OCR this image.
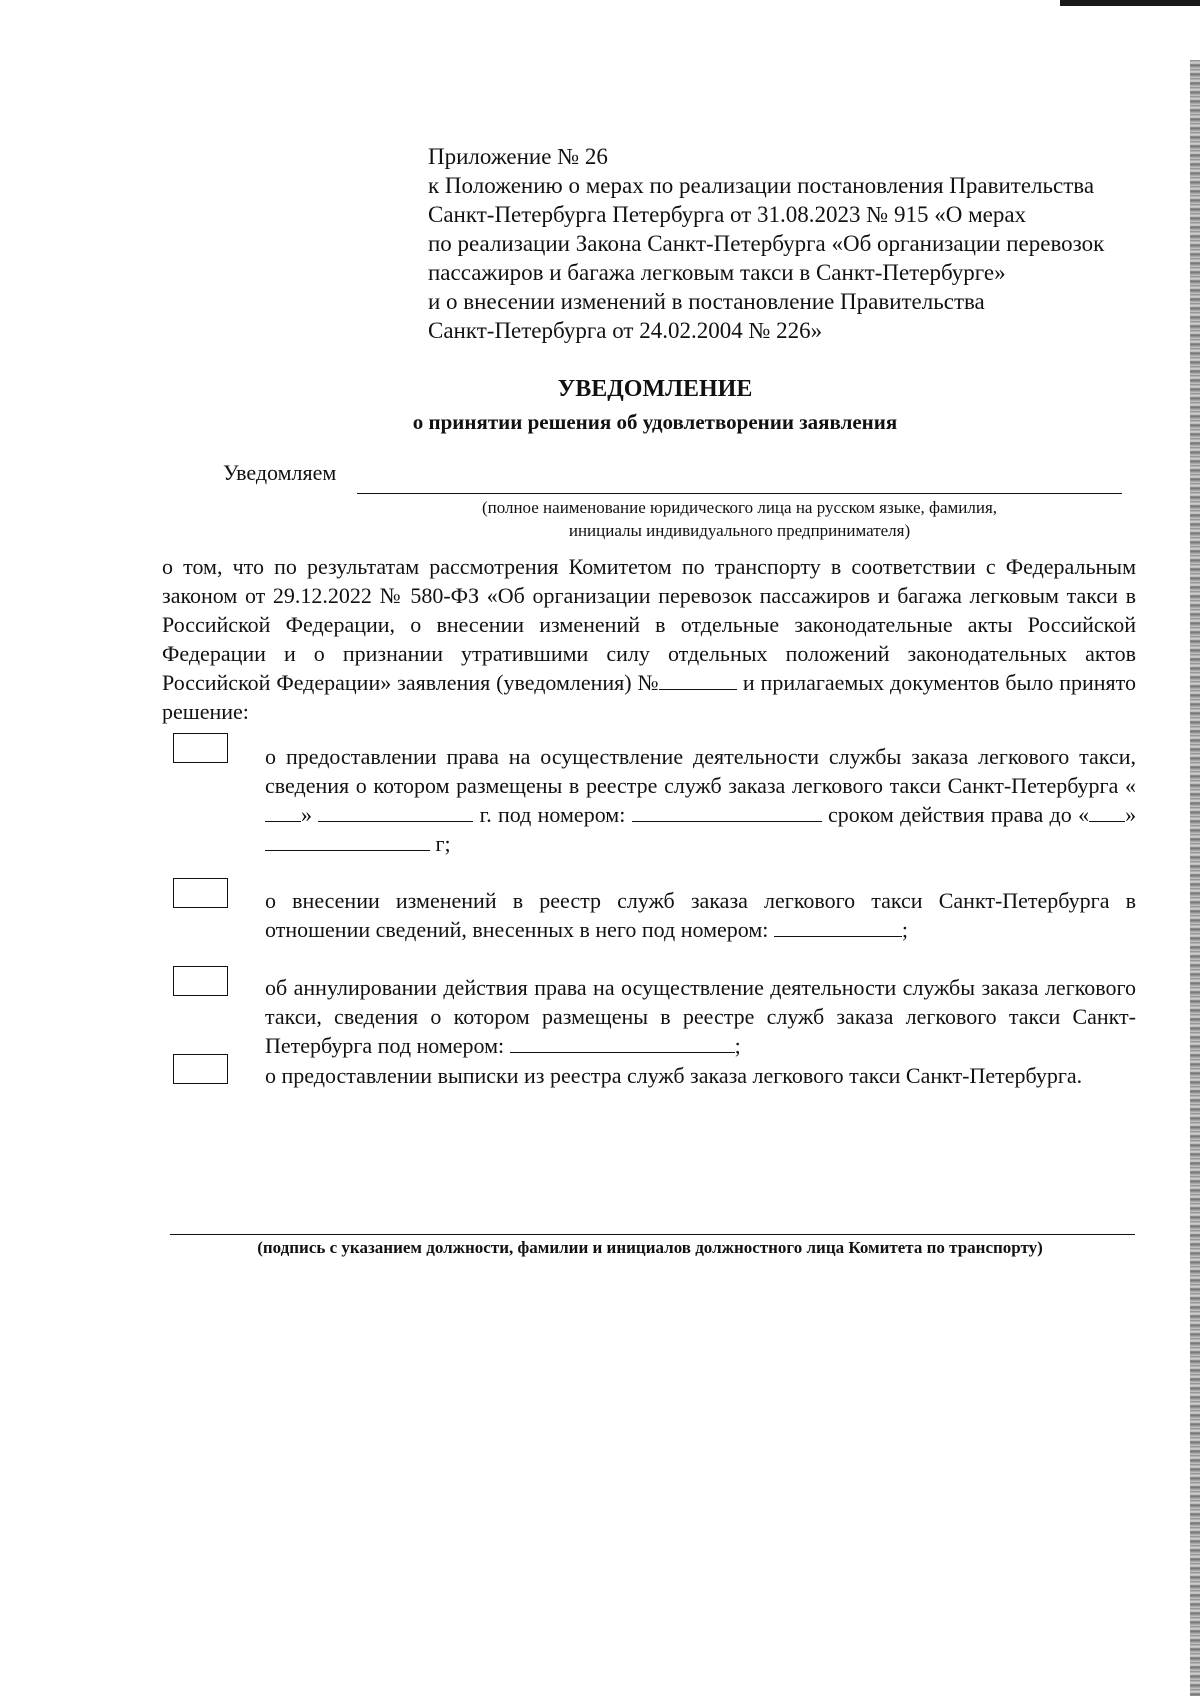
Приложение № 26
к Положению о мерах по реализации постановления Правительства
Санкт-Петербурга Петербурга от 31.08.2023 № 915 «О мерах
по реализации Закона Санкт-Петербурга «Об организации перевозок
пассажиров и багажа легковым такси в Санкт-Петербурге»
и о внесении изменений в постановление Правительства
Санкт-Петербурга от 24.02.2004 № 226»
УВЕДОМЛЕНИЕ
о принятии решения об удовлетворении заявления
Уведомляем
(полное наименование юридического лица на русском языке, фамилия,
инициалы индивидуального предпринимателя)
о том, что по результатам рассмотрения Комитетом по транспорту в соответствии с Федеральным законом от 29.12.2022 № 580-ФЗ «Об организации перевозок пассажиров и багажа легковым такси в Российской Федерации, о внесении изменений в отдельные законодательные акты Российской Федерации и о признании утратившими силу отдельных положений законодательных актов Российской Федерации» заявления (уведомления) №	и прилагаемых документов было принято решение:
о предоставлении права на осуществление деятельности службы заказа легкового такси, сведения о котором размещены в реестре служб заказа легкового такси Санкт-Петербурга «»	г. под номером:	сроком действия права до « »  г;
о внесении изменений в реестр служб заказа легкового такси Санкт-Петербурга в отношении сведений, внесенных в него под номером:	;
об аннулировании действия права на осуществление деятельности службы заказа легкового такси, сведения о котором размещены в реестре служб заказа легкового такси Санкт-Петербурга под номером:	;
о предоставлении выписки из реестра служб заказа легкового такси Санкт-Петербурга.
(подпись с указанием должности, фамилии и инициалов должностного лица Комитета по транспорту)
